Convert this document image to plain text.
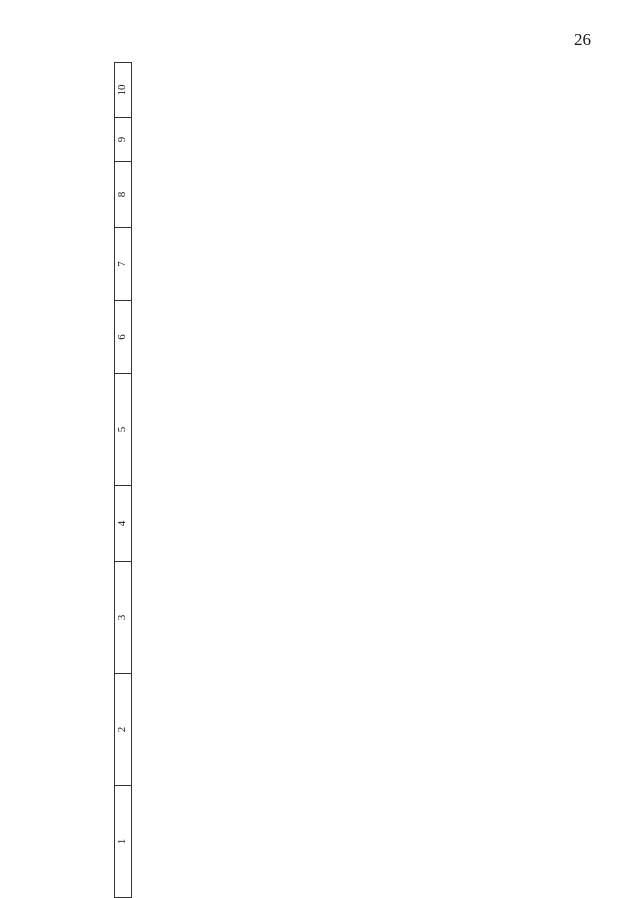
26
1	2	3	4	5	6	7	8	9	10
